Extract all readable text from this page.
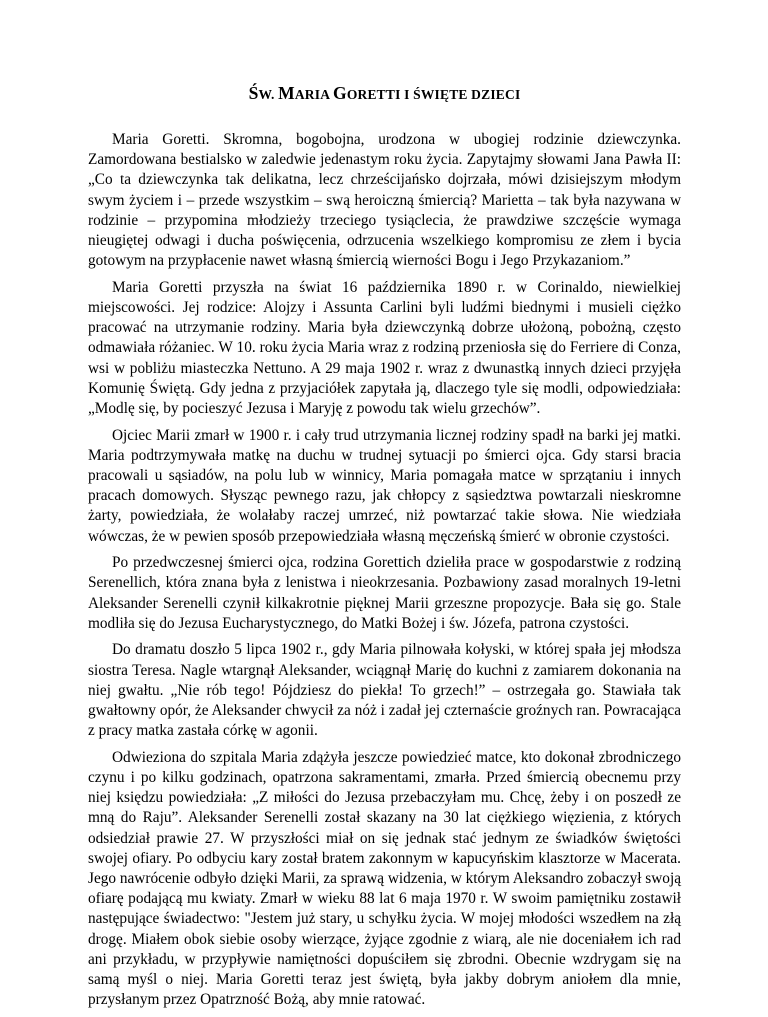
ŚW. MARIA GORETTI I ŚWIĘTE DZIECI

Maria Goretti. Skromna, bogobojna, urodzona w ubogiej rodzinie dziewczynka. Zamordowana bestialsko w zaledwie jedenastym roku życia. Zapytajmy słowami Jana Pawła II: „Co ta dziewczynka tak delikatna, lecz chrześcijańsko dojrzała, mówi dzisiejszym młodym swym życiem i – przede wszystkim – swą heroiczną śmiercią? Marietta – tak była nazywana w rodzinie – przypomina młodzieży trzeciego tysiąclecia, że prawdziwe szczęście wymaga nieugiętej odwagi i ducha poświęcenia, odrzucenia wszelkiego kompromisu ze złem i bycia gotowym na przypłacenie nawet własną śmiercią wierności Bogu i Jego Przykazaniom.”

Maria Goretti przyszła na świat 16 października 1890 r. w Corinaldo, niewielkiej miejscowości. Jej rodzice: Alojzy i Assunta Carlini byli ludźmi biednymi i musieli ciężko pracować na utrzymanie rodziny. Maria była dziewczynką dobrze ułożoną, pobożną, często odmawiała różaniec. W 10. roku życia Maria wraz z rodziną przeniosła się do Ferriere di Conza, wsi w pobliżu miasteczka Nettuno. A 29 maja 1902 r. wraz z dwunastką innych dzieci przyjęła Komunię Świętą. Gdy jedna z przyjaciółek zapytała ją, dlaczego tyle się modli, odpowiedziała: „Modlę się, by pocieszyć Jezusa i Maryję z powodu tak wielu grzechów”.

Ojciec Marii zmarł w 1900 r. i cały trud utrzymania licznej rodziny spadł na barki jej matki. Maria podtrzymywała matkę na duchu w trudnej sytuacji po śmierci ojca. Gdy starsi bracia pracowali u sąsiadów, na polu lub w winnicy, Maria pomagała matce w sprzątaniu i innych pracach domowych. Słysząc pewnego razu, jak chłopcy z sąsiedztwa powtarzali nieskromne żarty, powiedziała, że wolałaby raczej umrzeć, niż powtarzać takie słowa. Nie wiedziała wówczas, że w pewien sposób przepowiedziała własną męczeńską śmierć w obronie czystości.

Po przedwczesnej śmierci ojca, rodzina Gorettich dzieliła prace w gospodarstwie z rodziną Serenellich, która znana była z lenistwa i nieokrzesania. Pozbawiony zasad moralnych 19-letni Aleksander Serenelli czynił kilkakrotnie pięknej Marii grzeszne propozycje. Bała się go. Stale modliła się do Jezusa Eucharystycznego, do Matki Bożej i św. Józefa, patrona czystości.

Do dramatu doszło 5 lipca 1902 r., gdy Maria pilnowała kołyski, w której spała jej młodsza siostra Teresa. Nagle wtargnął Aleksander, wciągnął Marię do kuchni z zamiarem dokonania na niej gwałtu. „Nie rób tego! Pójdziesz do piekła! To grzech!” – ostrzegała go. Stawiała tak gwałtowny opór, że Aleksander chwycił za nóż i zadał jej czternaście groźnych ran. Powracająca z pracy matka zastała córkę w agonii.

Odwieziona do szpitala Maria zdążyła jeszcze powiedzieć matce, kto dokonał zbrodniczego czynu i po kilku godzinach, opatrzona sakramentami, zmarła. Przed śmiercią obecnemu przy niej księdzu powiedziała: „Z miłości do Jezusa przebaczyłam mu. Chcę, żeby i on poszedł ze mną do Raju”. Aleksander Serenelli został skazany na 30 lat ciężkiego więzienia, z których odsiedział prawie 27. W przyszłości miał on się jednak stać jednym ze świadków świętości swojej ofiary. Po odbyciu kary został bratem zakonnym w kapucyńskim klasztorze w Macerata. Jego nawrócenie odbyło dzięki Marii, za sprawą widzenia, w którym Aleksandro zobaczył swoją ofiarę podającą mu kwiaty. Zmarł w wieku 88 lat 6 maja 1970 r. W swoim pamiętniku zostawił następujące świadectwo: "Jestem już stary, u schyłku życia. W mojej młodości wszedłem na złą drogę. Miałem obok siebie osoby wierzące, żyjące zgodnie z wiarą, ale nie doceniałem ich rad ani przykładu, w przypływie namiętności dopuściłem się zbrodni. Obecnie wzdrygam się na samą myśl o niej. Maria Goretti teraz jest świętą, była jakby dobrym aniołem dla mnie, przysłanym przez Opatrzność Bożą, aby mnie ratować.
